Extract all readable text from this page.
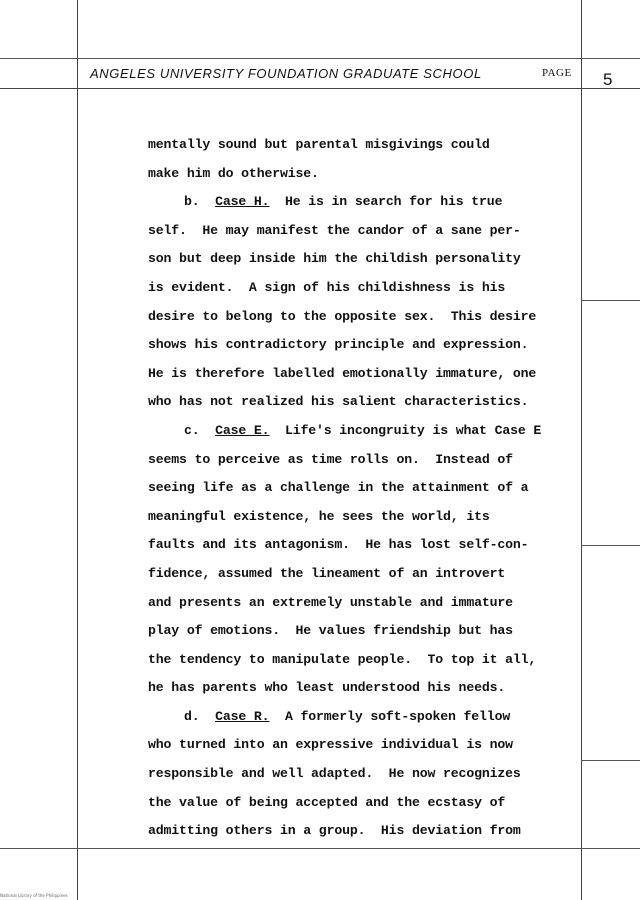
ANGELES UNIVERSITY FOUNDATION GRADUATE SCHOOL	PAGE 5
mentally sound but parental misgivings could
make him do otherwise.
b.  Case H.  He is in search for his true
self.  He may manifest the candor of a sane per-
son but deep inside him the childish personality
is evident.  A sign of his childishness is his
desire to belong to the opposite sex.  This desire
shows his contradictory principle and expression.
He is therefore labelled emotionally immature, one
who has not realized his salient characteristics.
c.  Case E.  Life's incongruity is what Case E
seems to perceive as time rolls on.  Instead of
seeing life as a challenge in the attainment of a
meaningful existence, he sees the world, its
faults and its antagonism.  He has lost self-con-
fidence, assumed the lineament of an introvert
and presents an extremely unstable and immature
play of emotions.  He values friendship but has
the tendency to manipulate people.  To top it all,
he has parents who least understood his needs.
d.  Case R.  A formerly soft-spoken fellow
who turned into an expressive individual is now
responsible and well adapted.  He now recognizes
the value of being accepted and the ecstasy of
admitting others in a group.  His deviation from
National Library of the Philippines
